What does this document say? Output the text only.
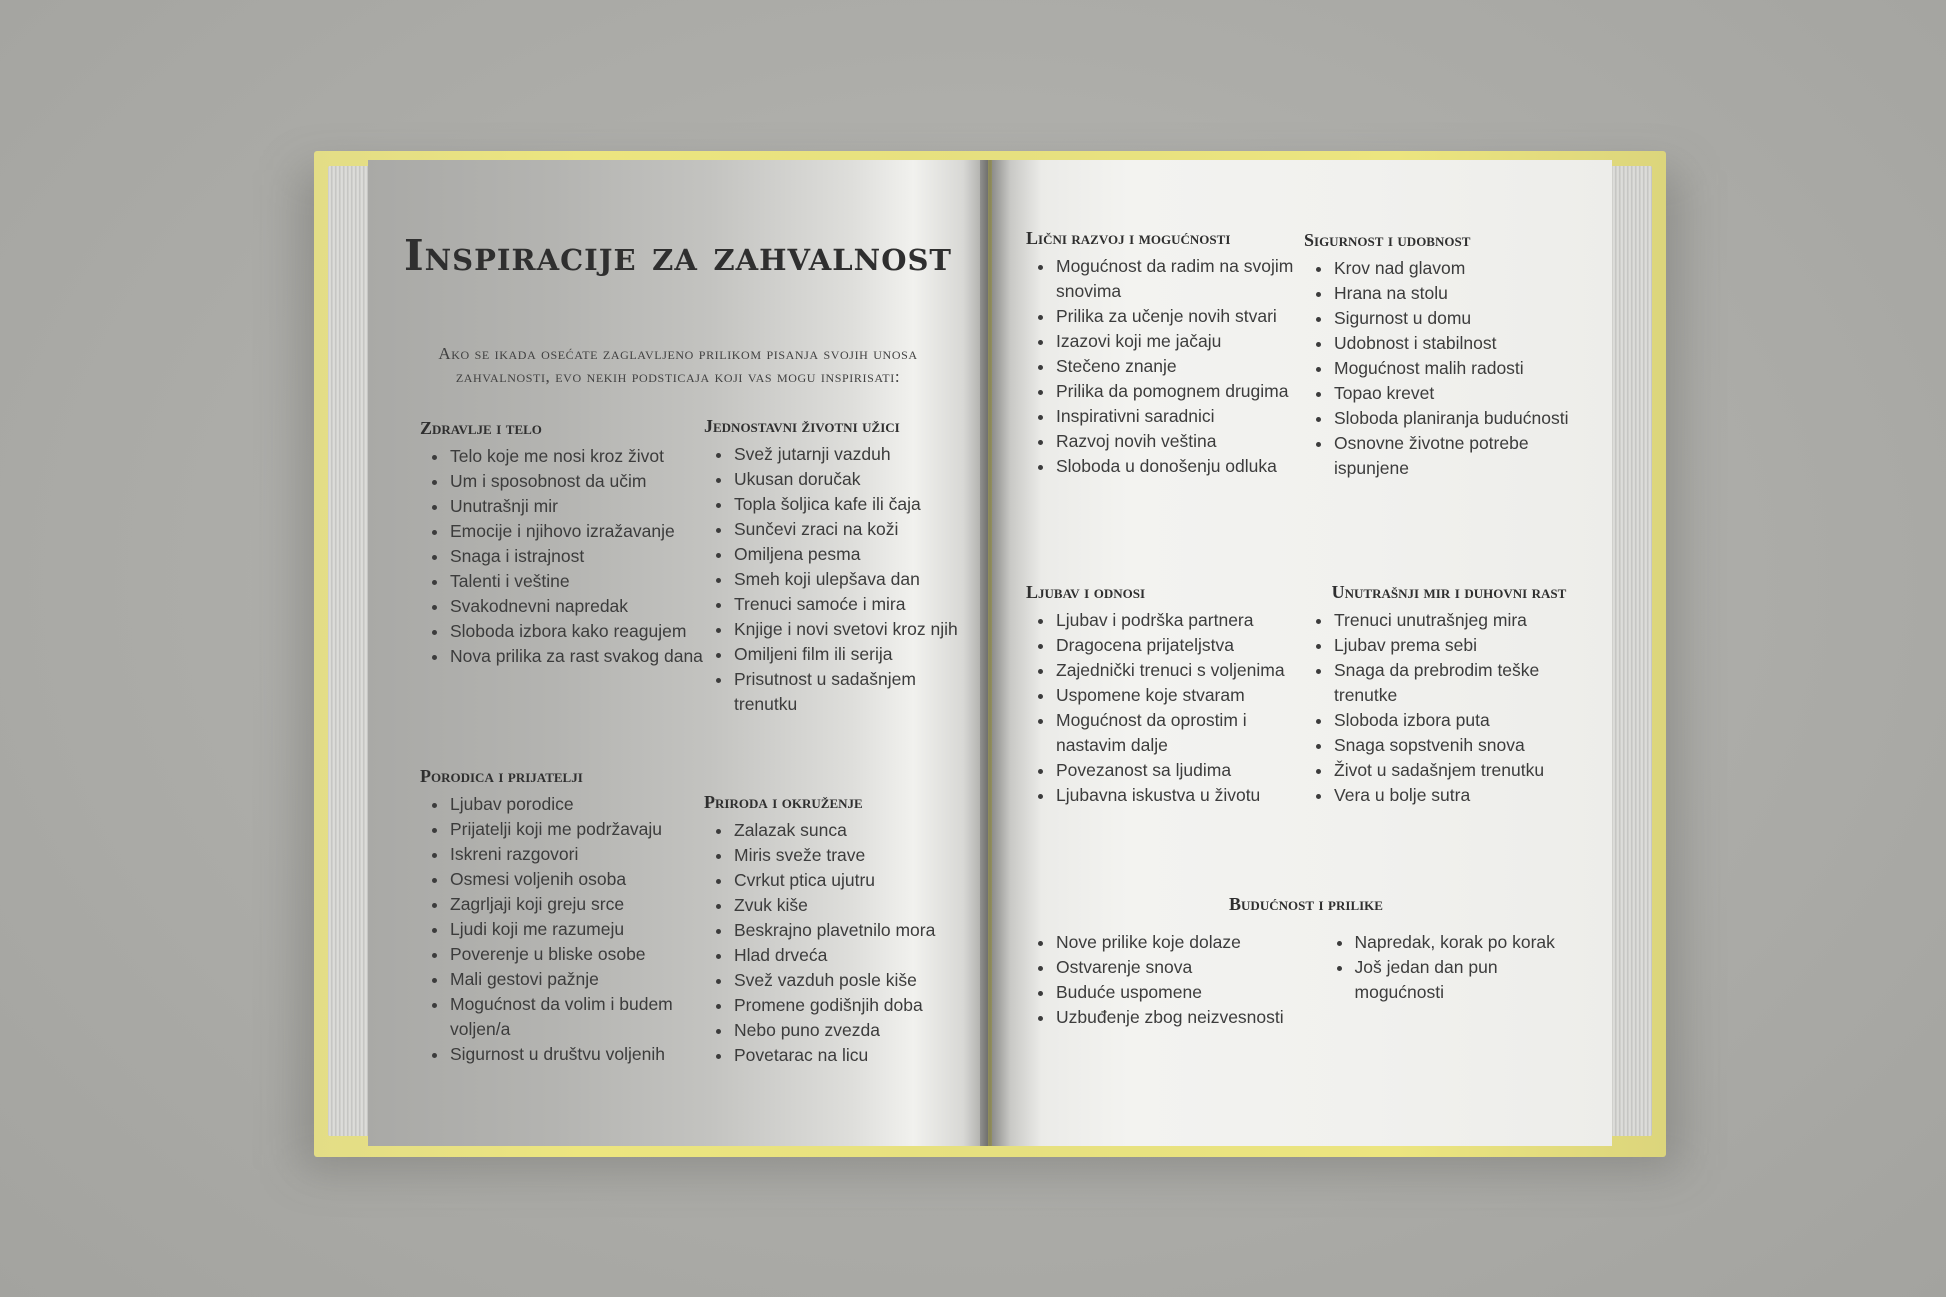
Inspiracije za zahvalnost
Ako se ikada osećate zaglavljeno prilikom pisanja svojih unosa zahvalnosti, evo nekih podsticaja koji vas mogu inspirisati:
Zdravlje i telo
Telo koje me nosi kroz život
Um i sposobnost da učim
Unutrašnji mir
Emocije i njihovo izražavanje
Snaga i istrajnost
Talenti i veštine
Svakodnevni napredak
Sloboda izbora kako reagujem
Nova prilika za rast svakog dana
Jednostavni životni užici
Svež jutarnji vazduh
Ukusan doručak
Topla šoljica kafe ili čaja
Sunčevi zraci na koži
Omiljena pesma
Smeh koji ulepšava dan
Trenuci samoće i mira
Knjige i novi svetovi kroz njih
Omiljeni film ili serija
Prisutnost u sadašnjem trenutku
Porodica i prijatelji
Ljubav porodice
Prijatelji koji me podržavaju
Iskreni razgovori
Osmesi voljenih osoba
Zagrljaji koji greju srce
Ljudi koji me razumeju
Poverenje u bliske osobe
Mali gestovi pažnje
Mogućnost da volim i budem voljen/a
Sigurnost u društvu voljenih
Priroda i okruženje
Zalazak sunca
Miris sveže trave
Cvrkut ptica ujutru
Zvuk kiše
Beskrajno plavetnilo mora
Hlad drveća
Svež vazduh posle kiše
Promene godišnjih doba
Nebo puno zvezda
Povetarac na licu
Lični razvoj i mogućnosti
Mogućnost da radim na svojim snovima
Prilika za učenje novih stvari
Izazovi koji me jačaju
Stečeno znanje
Prilika da pomognem drugima
Inspirativni saradnici
Razvoj novih veština
Sloboda u donošenju odluka
Sigurnost i udobnost
Krov nad glavom
Hrana na stolu
Sigurnost u domu
Udobnost i stabilnost
Mogućnost malih radosti
Topao krevet
Sloboda planiranja budućnosti
Osnovne životne potrebe ispunjene
Ljubav i odnosi
Ljubav i podrška partnera
Dragocena prijateljstva
Zajednički trenuci s voljenima
Uspomene koje stvaram
Mogućnost da oprostim i nastavim dalje
Povezanost sa ljudima
Ljubavna iskustva u životu
Unutrašnji mir i duhovni rast
Trenuci unutrašnjeg mira
Ljubav prema sebi
Snaga da prebrodim teške trenutke
Sloboda izbora puta
Snaga sopstvenih snova
Život u sadašnjem trenutku
Vera u bolje sutra
Budućnost i prilike
Nove prilike koje dolaze
Ostvarenje snova
Buduće uspomene
Uzbuđenje zbog neizvesnosti
Napredak, korak po korak
Još jedan dan pun mogućnosti
